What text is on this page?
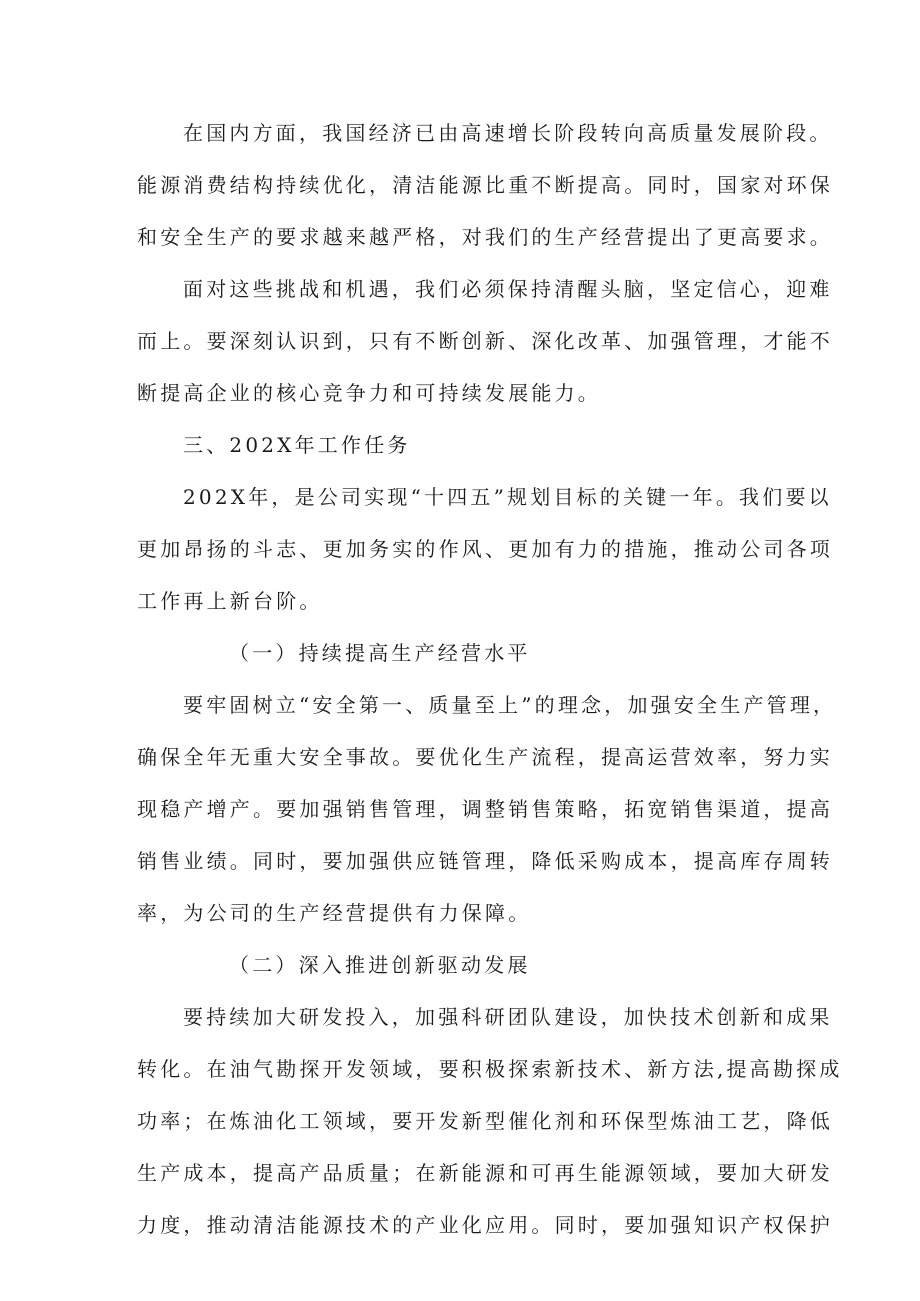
在国内方面，我国经济已由高速增长阶段转向高质量发展阶段。
能源消费结构持续优化，清洁能源比重不断提高。同时，国家对环保
和安全生产的要求越来越严格，对我们的生产经营提出了更高要求。

面对这些挑战和机遇，我们必须保持清醒头脑，坚定信心，迎难
而上。要深刻认识到，只有不断创新、深化改革、加强管理，才能不
断提高企业的核心竞争力和可持续发展能力。

三、202X年工作任务

202X年，是公司实现“十四五”规划目标的关键一年。我们要以
更加昂扬的斗志、更加务实的作风、更加有力的措施，推动公司各项
工作再上新台阶。

（一）持续提高生产经营水平

要牢固树立“安全第一、质量至上”的理念，加强安全生产管理，
确保全年无重大安全事故。要优化生产流程，提高运营效率，努力实
现稳产增产。要加强销售管理，调整销售策略，拓宽销售渠道，提高
销售业绩。同时，要加强供应链管理，降低采购成本，提高库存周转
率，为公司的生产经营提供有力保障。

（二）深入推进创新驱动发展

要持续加大研发投入，加强科研团队建设，加快技术创新和成果
转化。在油气勘探开发领域，要积极探索新技术、新方法,提高勘探成
功率；在炼油化工领域，要开发新型催化剂和环保型炼油工艺，降低
生产成本，提高产品质量；在新能源和可再生能源领域，要加大研发
力度，推动清洁能源技术的产业化应用。同时，要加强知识产权保护
